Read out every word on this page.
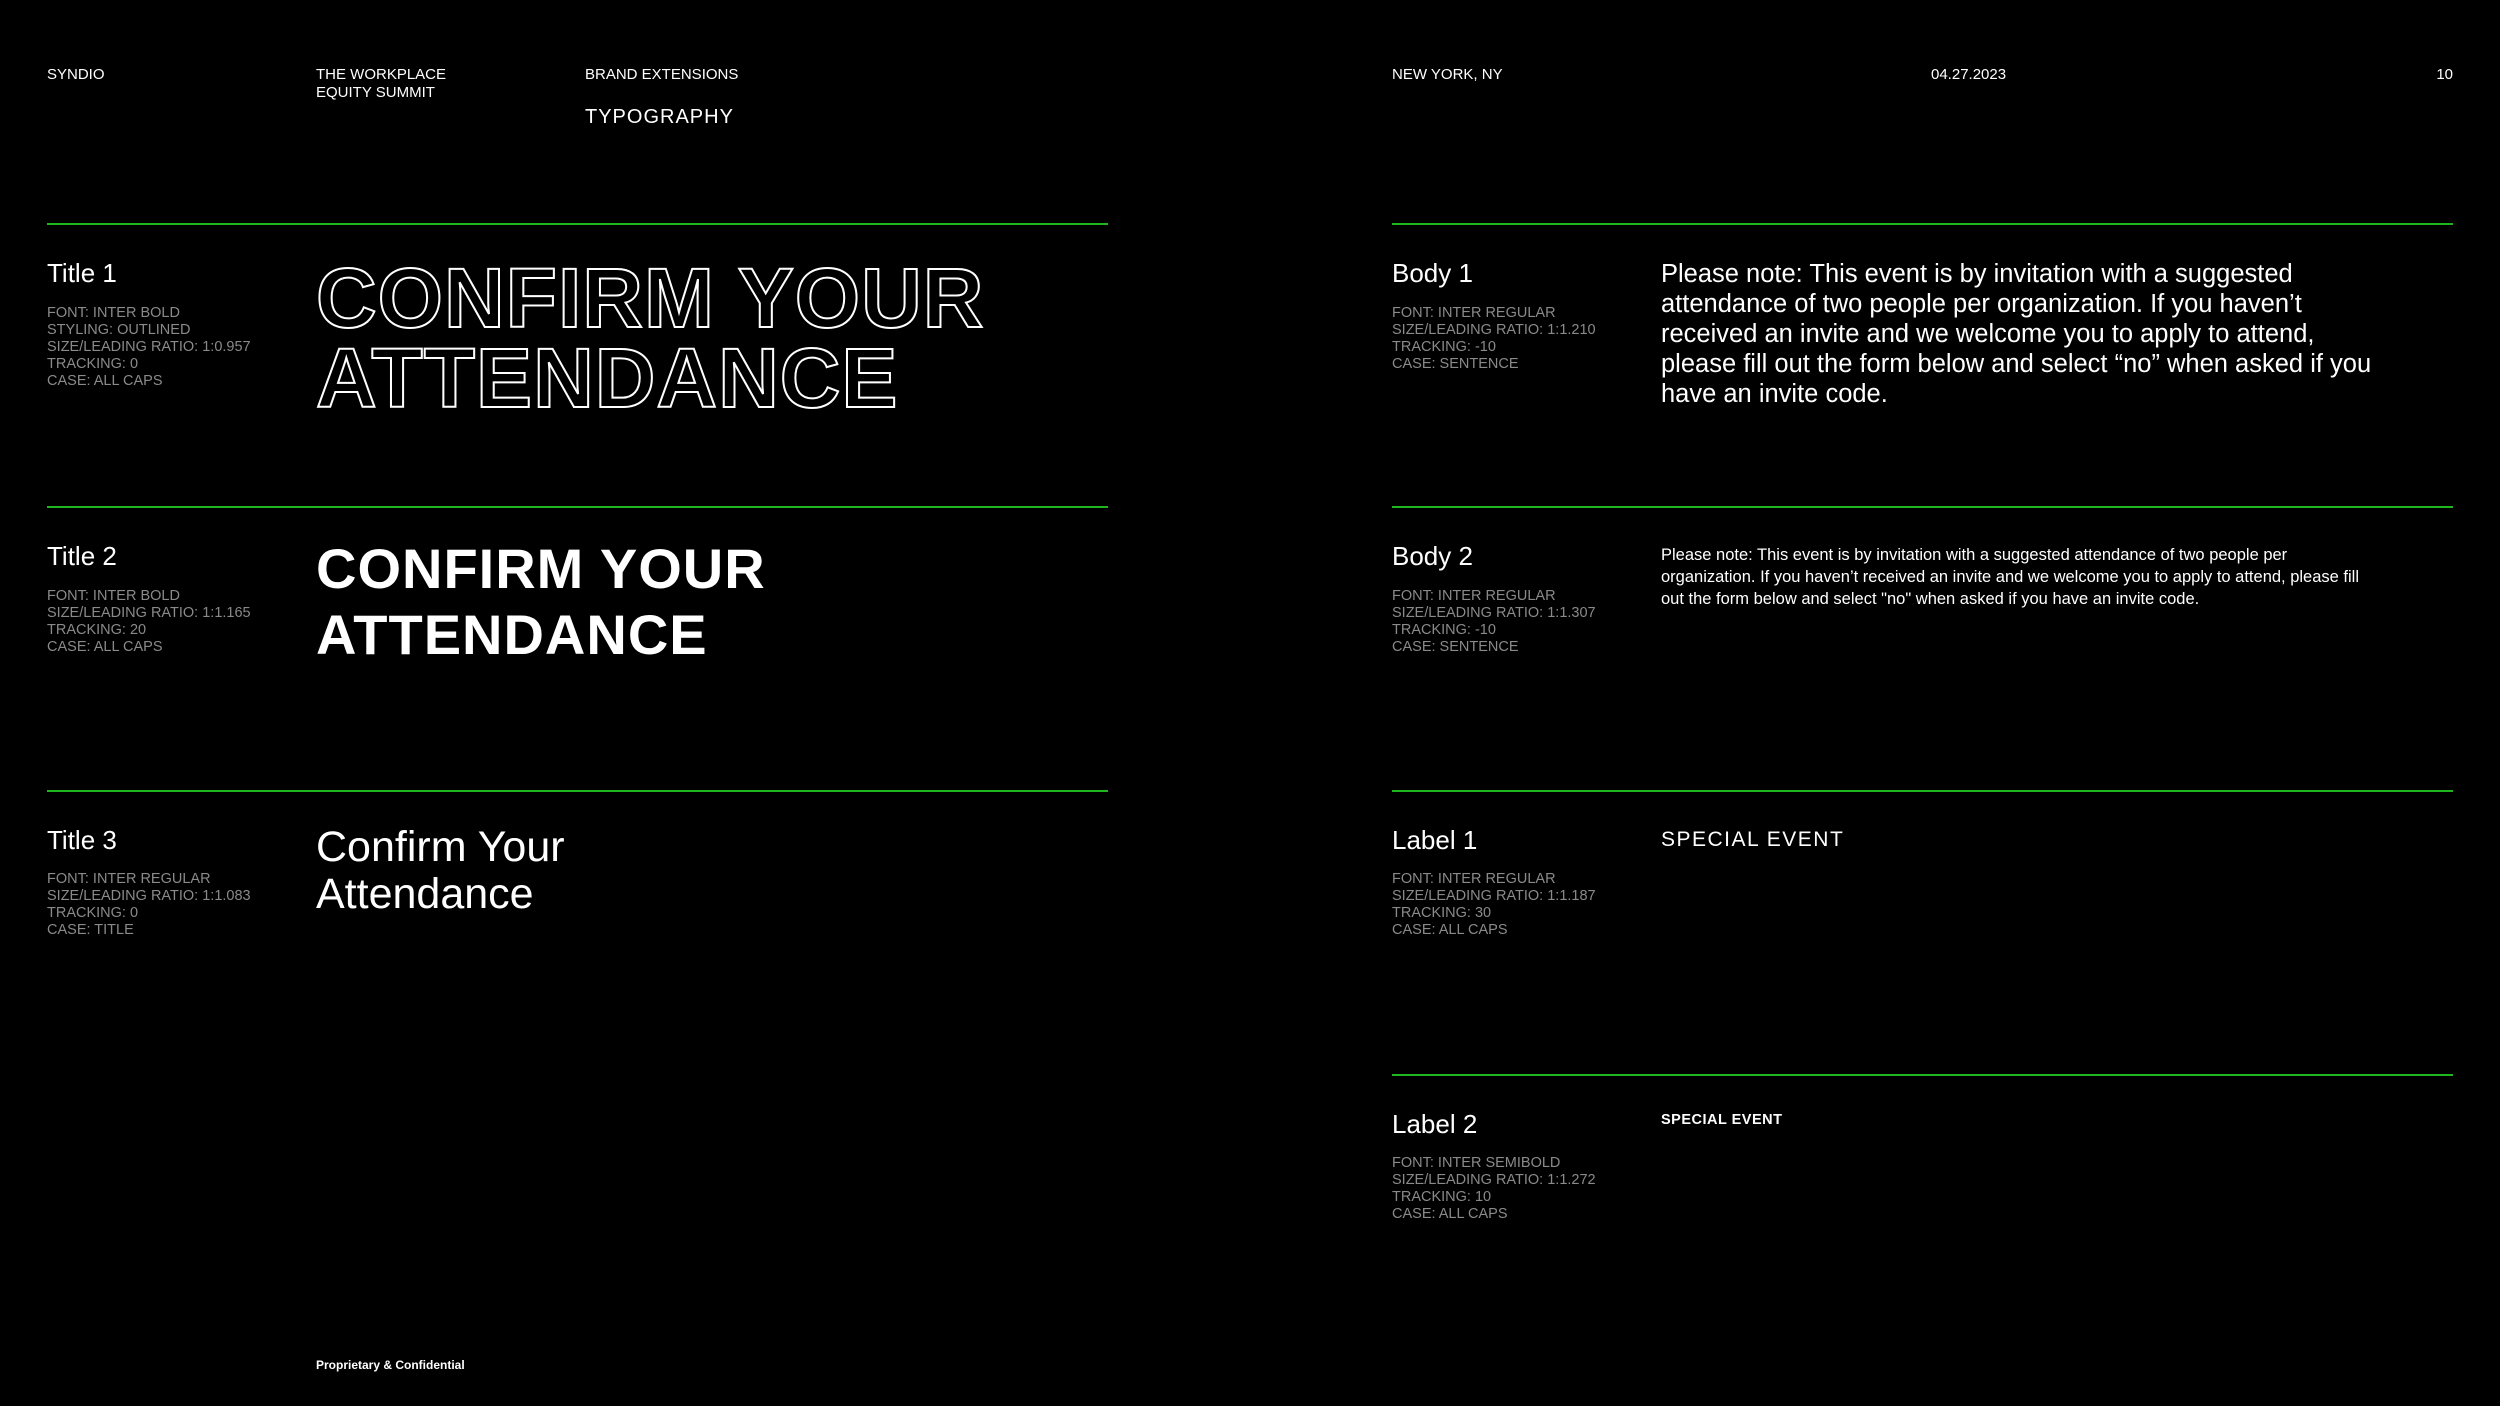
SYNDIO	THE WORKPLACE EQUITY SUMMIT
BRAND EXTENSIONS
TYPOGRAPHY
NEW YORK, NY	04.27.2023	10
Title 1
FONT: INTER BOLD
STYLING: OUTLINED
SIZE/LEADING RATIO: 1:0.957
TRACKING: 0
CASE: ALL CAPS
CONFIRM YOUR
ATTENDANCE
Title 2
FONT: INTER BOLD
SIZE/LEADING RATIO: 1:1.165
TRACKING: 20
CASE: ALL CAPS
CONFIRM YOUR
ATTENDANCE
Title 3
FONT: INTER REGULAR
SIZE/LEADING RATIO: 1:1.083
TRACKING: 0
CASE: TITLE
Confirm Your
Attendance
Body 1
FONT: INTER REGULAR
SIZE/LEADING RATIO: 1:1.210
TRACKING: -10
CASE: SENTENCE
Please note: This event is by invitation with a suggested attendance of two people per organization. If you haven’t received an invite and we welcome you to apply to attend, please fill out the form below and select “no” when asked if you have an invite code.
Body 2
FONT: INTER REGULAR
SIZE/LEADING RATIO: 1:1.307
TRACKING: -10
CASE: SENTENCE
Please note: This event is by invitation with a suggested attendance of two people per organization. If you haven’t received an invite and we welcome you to apply to attend, please fill out the form below and select "no" when asked if you have an invite code.
Label 1
FONT: INTER REGULAR
SIZE/LEADING RATIO: 1:1.187
TRACKING: 30
CASE: ALL CAPS
SPECIAL EVENT
Label 2
FONT: INTER SEMIBOLD
SIZE/LEADING RATIO: 1:1.272
TRACKING: 10
CASE: ALL CAPS
SPECIAL EVENT
Proprietary & Confidential
